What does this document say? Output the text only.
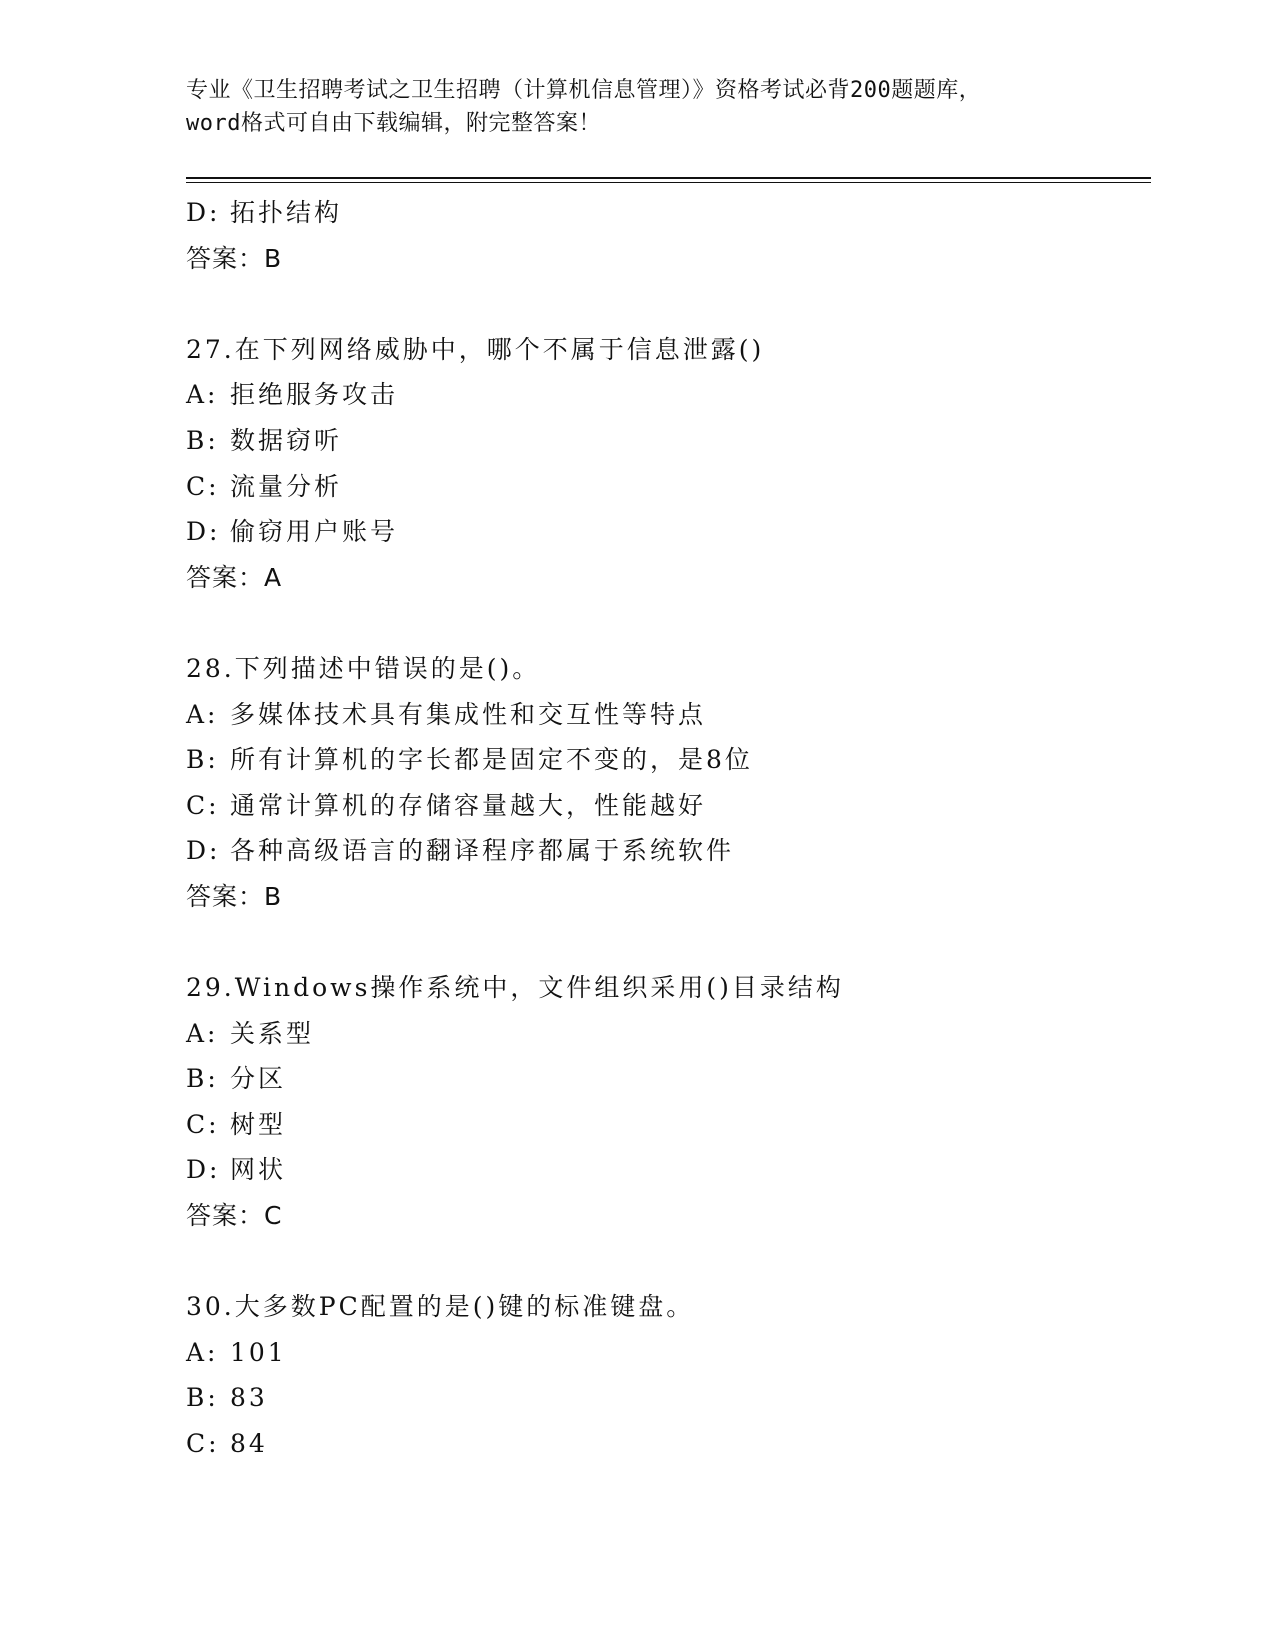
专业《卫生招聘考试之卫生招聘（计算机信息管理）》资格考试必背200题题库，
word格式可自由下载编辑，附完整答案！
D: 拓扑结构
答案：B
27.在下列网络威胁中，哪个不属于信息泄露()
A: 拒绝服务攻击
B: 数据窃听
C: 流量分析
D: 偷窃用户账号
答案：A
28.下列描述中错误的是()。
A: 多媒体技术具有集成性和交互性等特点
B: 所有计算机的字长都是固定不变的，是8位
C: 通常计算机的存储容量越大，性能越好
D: 各种高级语言的翻译程序都属于系统软件
答案：B
29.Windows操作系统中，文件组织采用()目录结构
A: 关系型
B: 分区
C: 树型
D: 网状
答案：C
30.大多数PC配置的是()键的标准键盘。
A: 101
B: 83
C: 84
